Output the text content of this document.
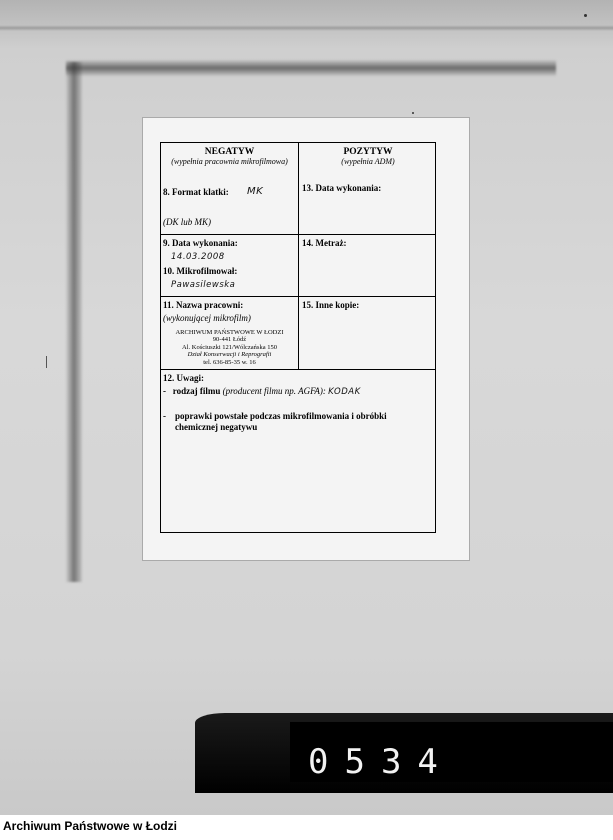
NEGATYW
(wypełnia pracownia mikrofilmowa)
8. Format klatki: MK
(DK lub MK)
POZYTYW
(wypełnia ADM)
13. Data wykonania:
9. Data wykonania:
14.03.2008
10. Mikrofilmował:
Pawasilewska
14. Metraż:
11. Nazwa pracowni:
(wykonującej mikrofilm)
ARCHIWUM PAŃSTWOWE W ŁODZI
90-441 Łódź
Al. Kościuszki 121/Wólczańska 150
Dział Konserwacji i Reprografii
tel. 636-85-35 w. 16
15. Inne kopie:
12. Uwagi:
- rodzaj filmu (producent filmu np. AGFA): KODAK
-	poprawki powstałe podczas mikrofilmowania i obróbki chemicznej negatywu
0534
Archiwum Państwowe w Łodzi
